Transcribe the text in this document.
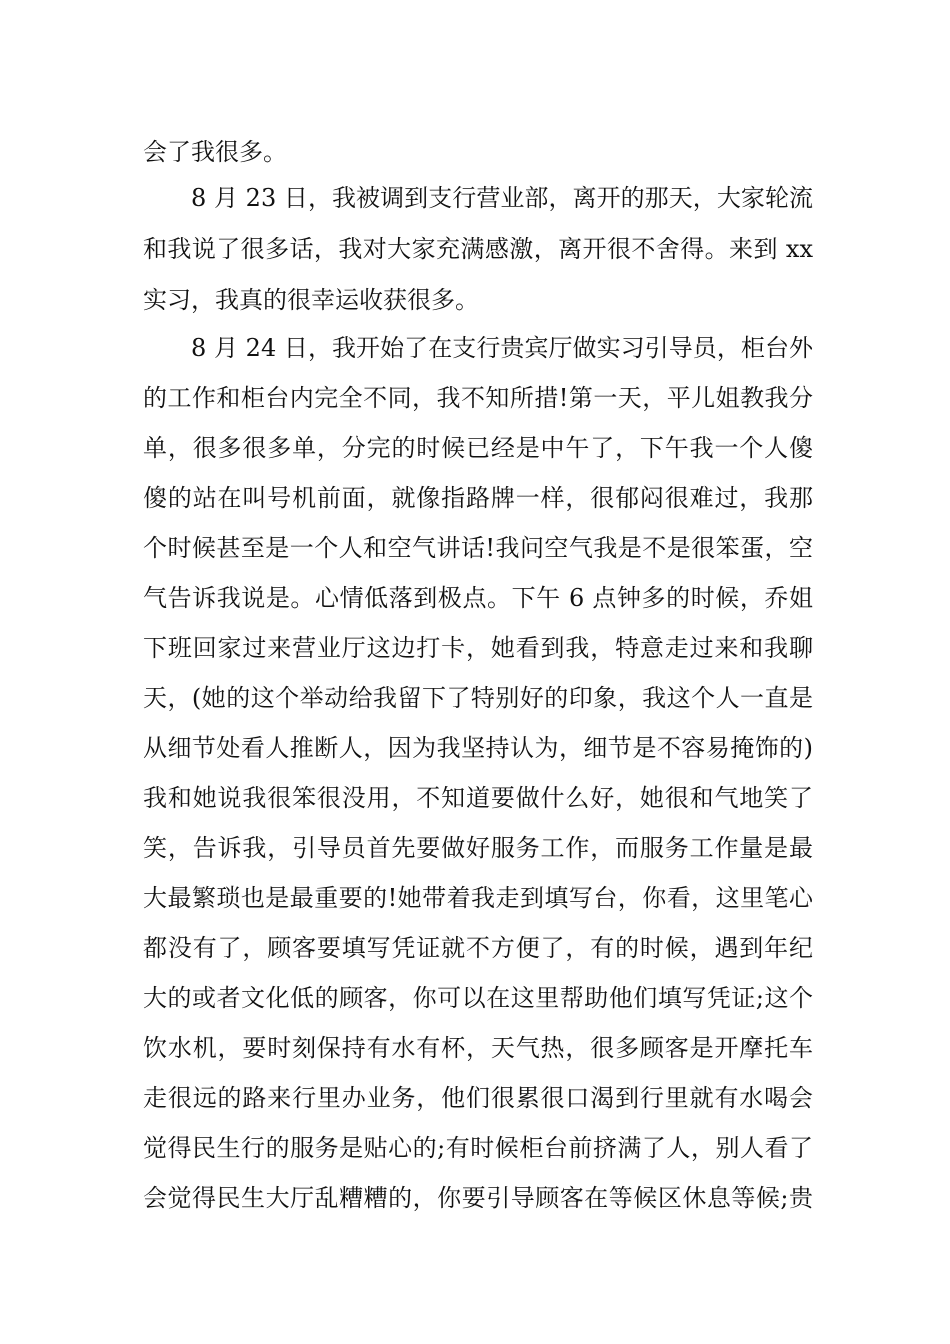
会了我很多。
8 月 23 日，我被调到支行营业部，离开的那天，大家轮流
和我说了很多话，我对大家充满感激，离开很不舍得。来到 xx
实习，我真的很幸运收获很多。
8 月 24 日，我开始了在支行贵宾厅做实习引导员，柜台外
的工作和柜台内完全不同，我不知所措!第一天，平儿姐教我分
单，很多很多单，分完的时候已经是中午了，下午我一个人傻
傻的站在叫号机前面，就像指路牌一样，很郁闷很难过，我那
个时候甚至是一个人和空气讲话!我问空气我是不是很笨蛋，空
气告诉我说是。心情低落到极点。下午 6 点钟多的时候，乔姐
下班回家过来营业厅这边打卡，她看到我，特意走过来和我聊
天，(她的这个举动给我留下了特别好的印象，我这个人一直是
从细节处看人推断人，因为我坚持认为，细节是不容易掩饰的)
我和她说我很笨很没用，不知道要做什么好，她很和气地笑了
笑，告诉我，引导员首先要做好服务工作，而服务工作量是最
大最繁琐也是最重要的!她带着我走到填写台，你看，这里笔心
都没有了，顾客要填写凭证就不方便了，有的时候，遇到年纪
大的或者文化低的顾客，你可以在这里帮助他们填写凭证;这个
饮水机，要时刻保持有水有杯，天气热，很多顾客是开摩托车
走很远的路来行里办业务，他们很累很口渴到行里就有水喝会
觉得民生行的服务是贴心的;有时候柜台前挤满了人，别人看了
会觉得民生大厅乱糟糟的，你要引导顾客在等候区休息等候;贵
